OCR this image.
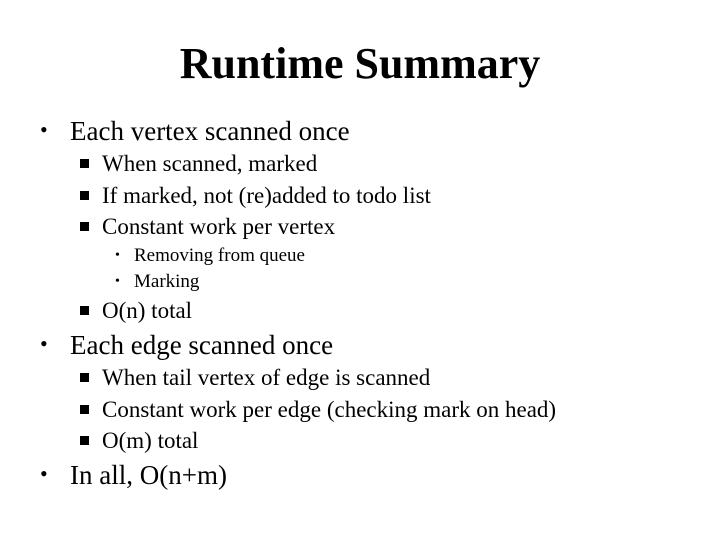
Runtime Summary
• Each vertex scanned once
When scanned, marked
If marked, not (re)added to todo list
Constant work per vertex
• Removing from queue
• Marking
O(n) total
• Each edge scanned once
When tail vertex of edge is scanned
Constant work per edge (checking mark on head)
O(m) total
• In all, O(n+m)
